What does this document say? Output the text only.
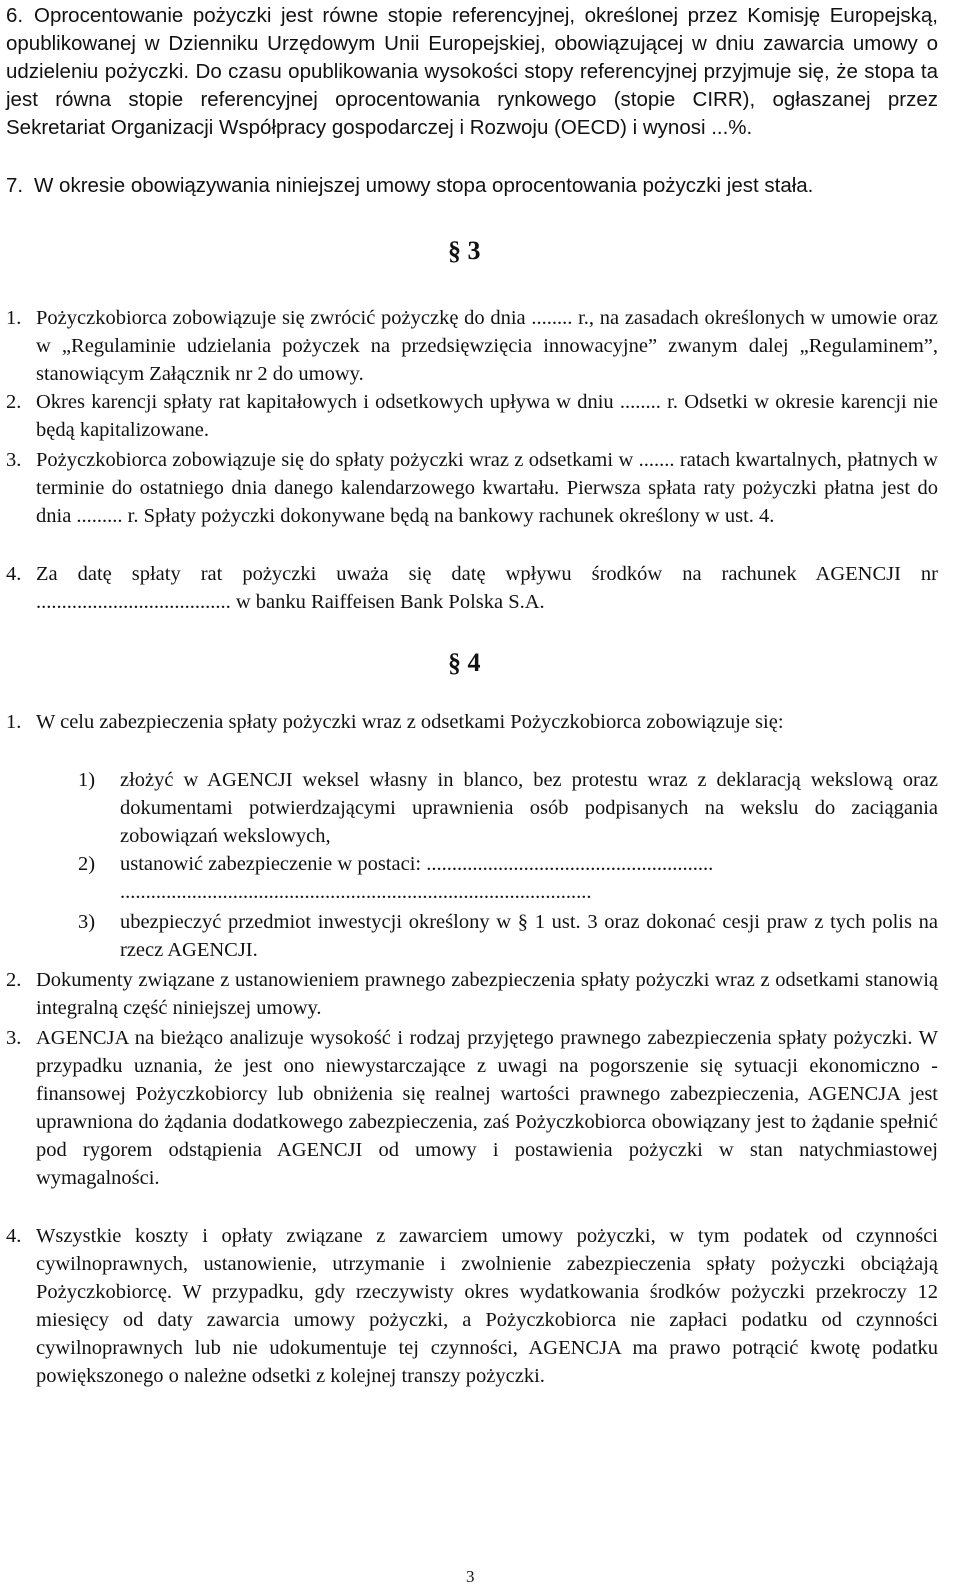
6. Oprocentowanie pożyczki jest równe stopie referencyjnej, określonej przez Komisję Europejską, opublikowanej w Dzienniku Urzędowym Unii Europejskiej, obowiązującej w dniu zawarcia umowy o udzieleniu pożyczki. Do czasu opublikowania wysokości stopy referencyjnej przyjmuje się, że stopa ta jest równa stopie referencyjnej oprocentowania rynkowego (stopie CIRR), ogłaszanej przez Sekretariat Organizacji Współpracy gospodarczej i Rozwoju (OECD) i wynosi ...%.
7. W okresie obowiązywania niniejszej umowy stopa oprocentowania pożyczki jest stała.
§ 3
1. Pożyczkobiorca zobowiązuje się zwrócić pożyczkę do dnia ........ r., na zasadach określonych w umowie oraz w „Regulaminie udzielania pożyczek na przedsięwzięcia innowacyjne” zwanym dalej „Regulaminem”, stanowiącym Załącznik nr 2 do umowy.
2. Okres karencji spłaty rat kapitałowych i odsetkowych upływa w dniu ........ r. Odsetki w okresie karencji nie będą kapitalizowane.
3. Pożyczkobiorca zobowiązuje się do spłaty pożyczki wraz z odsetkami w ....... ratach kwartalnych, płatnych w terminie do ostatniego dnia danego kalendarzowego kwartału. Pierwsza spłata raty pożyczki płatna jest do dnia ......... r. Spłaty pożyczki dokonywane będą na bankowy rachunek określony w ust. 4.
4. Za datę spłaty rat pożyczki uważa się datę wpływu środków na rachunek AGENCJI nr ...................................... w banku Raiffeisen Bank Polska S.A.
§ 4
1. W celu zabezpieczenia spłaty pożyczki wraz z odsetkami Pożyczkobiorca zobowiązuje się:
1)	złożyć w AGENCJI weksel własny in blanco, bez protestu wraz z deklaracją wekslową oraz dokumentami potwierdzającymi uprawnienia osób podpisanych na wekslu do zaciągania zobowiązań wekslowych,
2) ustanowić zabezpieczenie w postaci: ........................................................
............................................................................................
3)	ubezpieczyć przedmiot inwestycji określony w § 1 ust. 3 oraz dokonać cesji praw z tych polis na rzecz AGENCJI.
2. Dokumenty związane z ustanowieniem prawnego zabezpieczenia spłaty pożyczki wraz z odsetkami stanowią integralną część niniejszej umowy.
3. AGENCJA na bieżąco analizuje wysokość i rodzaj przyjętego prawnego zabezpieczenia spłaty pożyczki. W przypadku uznania, że jest ono niewystarczające z uwagi na pogorszenie się sytuacji ekonomiczno - finansowej Pożyczkobiorcy lub obniżenia się realnej wartości prawnego zabezpieczenia, AGENCJA jest uprawniona do żądania dodatkowego zabezpieczenia, zaś Pożyczkobiorca obowiązany jest to żądanie spełnić pod rygorem odstąpienia AGENCJI od umowy i postawienia pożyczki w stan natychmiastowej wymagalności.
4. Wszystkie koszty i opłaty związane z zawarciem umowy pożyczki, w tym podatek od czynności cywilnoprawnych, ustanowienie, utrzymanie i zwolnienie zabezpieczenia spłaty pożyczki obciążają Pożyczkobiorcę. W przypadku, gdy rzeczywisty okres wydatkowania środków pożyczki przekroczy 12 miesięcy od daty zawarcia umowy pożyczki, a Pożyczkobiorca nie zapłaci podatku od czynności cywilnoprawnych lub nie udokumentuje tej czynności, AGENCJA ma prawo potrącić kwotę podatku powiększonego o należne odsetki z kolejnej transzy pożyczki.
3
